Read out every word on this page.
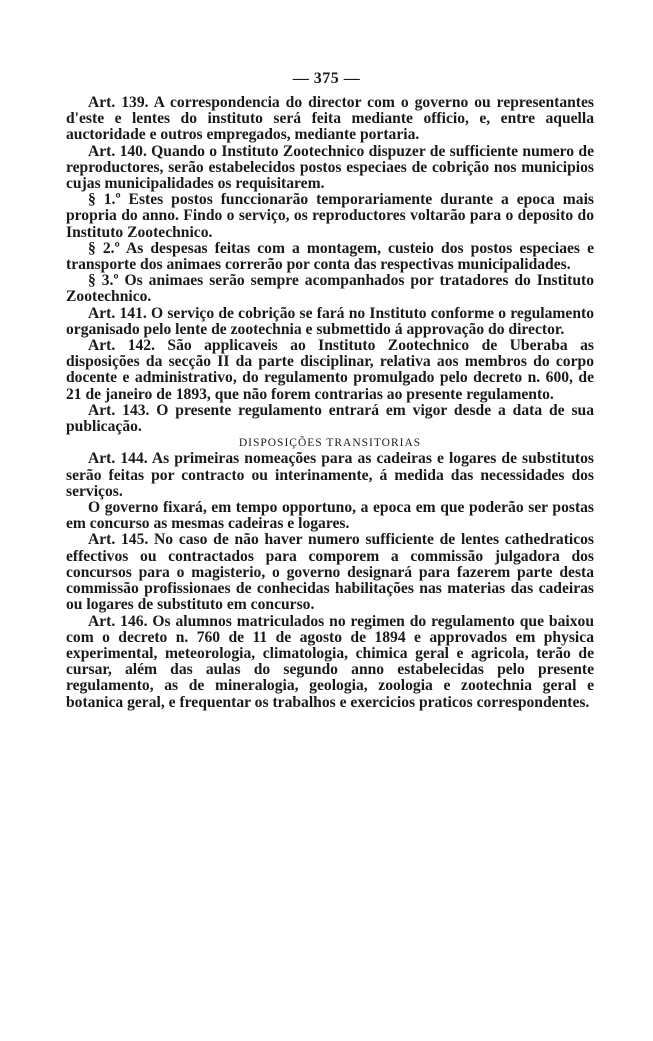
— 375 —

Art. 139. A correspondencia do director com o governo ou representantes d'este e lentes do instituto será feita mediante officio, e, entre aquella auctoridade e outros empregados, mediante portaria.

Art. 140. Quando o Instituto Zootechnico dispuzer de sufficiente numero de reproductores, serão estabelecidos postos especiaes de cobrição nos municipios cujas municipalidades os requisitarem.

§ 1.º Estes postos funccionarão temporariamente durante a epoca mais propria do anno. Findo o serviço, os reproductores voltarão para o deposito do Instituto Zootechnico.

§ 2.º As despesas feitas com a montagem, custeio dos postos especiaes e transporte dos animaes correrão por conta das respectivas municipalidades.

§ 3.º Os animaes serão sempre acompanhados por tratadores do Instituto Zootechnico.

Art. 141. O serviço de cobrição se fará no Instituto conforme o regulamento organisado pelo lente de zootechnia e submettido á approvação do director.

Art. 142. São applicaveis ao Instituto Zootechnico de Uberaba as disposições da secção II da parte disciplinar, relativa aos membros do corpo docente e administrativo, do regulamento promulgado pelo decreto n. 600, de 21 de janeiro de 1893, que não forem contrarias ao presente regulamento.

Art. 143. O presente regulamento entrará em vigor desde a data de sua publicação.

DISPOSIÇÕES TRANSITORIAS

Art. 144. As primeiras nomeações para as cadeiras e logares de substitutos serão feitas por contracto ou interinamente, á medida das necessidades dos serviços.

O governo fixará, em tempo opportuno, a epoca em que poderão ser postas em concurso as mesmas cadeiras e logares.

Art. 145. No caso de não haver numero sufficiente de lentes cathedraticos effectivos ou contractados para comporem a commissão julgadora dos concursos para o magisterio, o governo designará para fazerem parte desta commissão profissionaes de conhecidas habilitações nas materias das cadeiras ou logares de substituto em concurso.

Art. 146. Os alumnos matriculados no regimen do regulamento que baixou com o decreto n. 760 de 11 de agosto de 1894 e approvados em physica experimental, meteorologia, climatologia, chimica geral e agricola, terão de cursar, além das aulas do segundo anno estabelecidas pelo presente regulamento, as de mineralogia, geologia, zoologia e zootechnia geral e botanica geral, e frequentar os trabalhos e exercicios praticos correspondentes.
